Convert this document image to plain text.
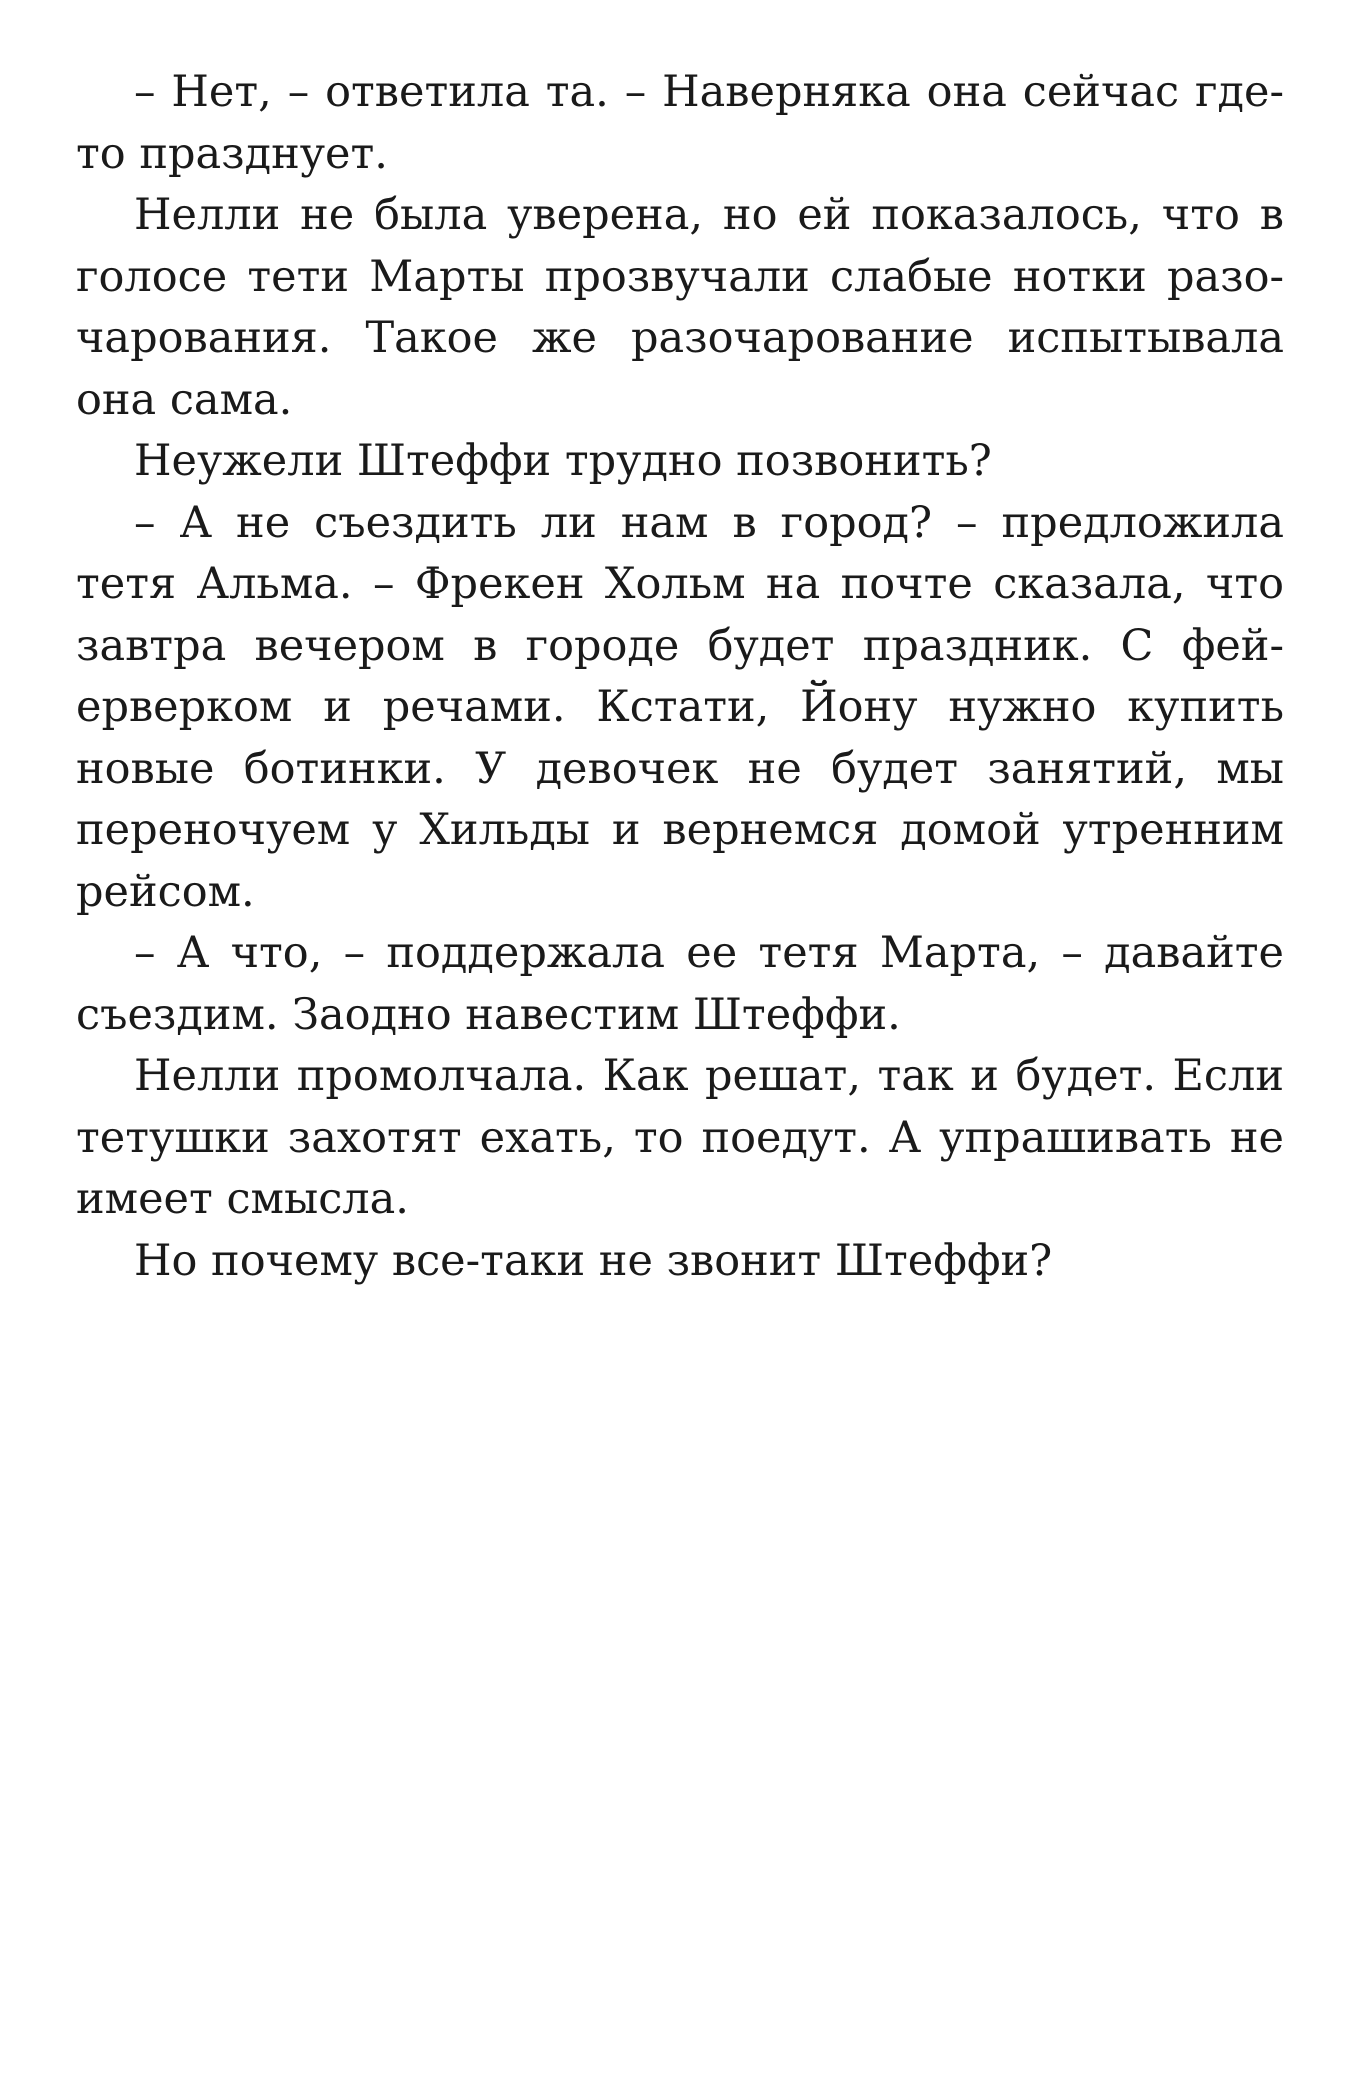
– Нет, – ответила та. – Наверняка она сейчас где-то празднует.

Нелли не была уверена, но ей показалось, что в голосе тети Марты прозвучали слабые нотки разочарования. Такое же разочарование испытывала она сама.

Неужели Штеффи трудно позвонить?

– А не съездить ли нам в город? – предложила тетя Альма. – Фрекен Хольм на почте сказала, что завтра вечером в городе будет праздник. С фейерверком и речами. Кстати, Йону нужно купить новые ботинки. У девочек не будет занятий, мы переночуем у Хильды и вернемся домой утренним рейсом.

– А что, – поддержала ее тетя Марта, – давайте съездим. Заодно навестим Штеффи.

Нелли промолчала. Как решат, так и будет. Если тетушки захотят ехать, то поедут. А упрашивать не имеет смысла.

Но почему все-таки не звонит Штеффи?
